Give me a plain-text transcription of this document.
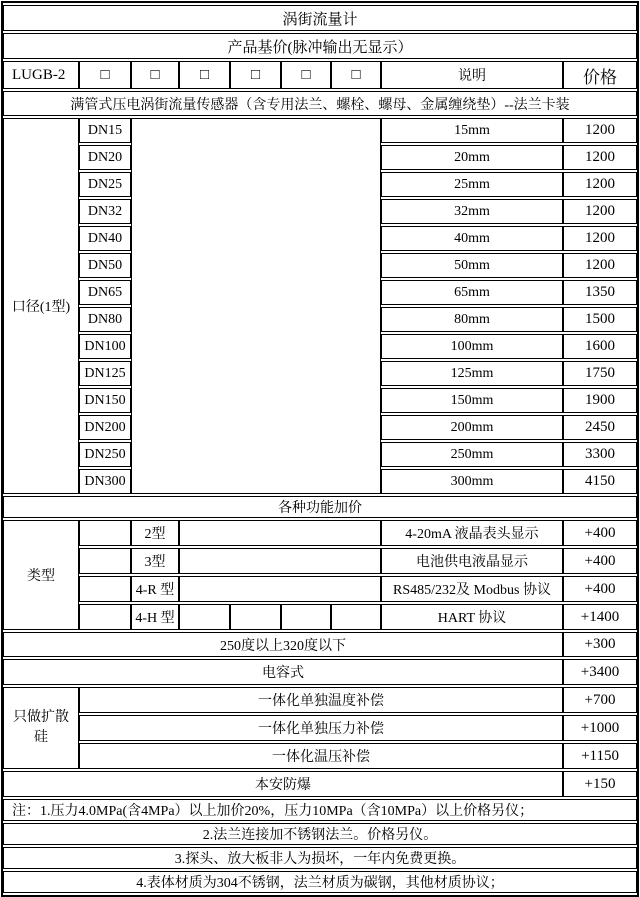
涡街流量计								
产品基价(脉冲输出无显示）								
LUGB-2	□	□	□	□	□	□	说明	价格
满管式压电涡街流量传感器（含专用法兰、螺栓、螺母、金属缠绕垫）--法兰卡装								
口径(1型)	DN15						15mm	1200
	DN20						20mm	1200
	DN25						25mm	1200
	DN32						32mm	1200
	DN40						40mm	1200
	DN50						50mm	1200
	DN65						65mm	1350
	DN80						80mm	1500
	DN100						100mm	1600
	DN125						125mm	1750
	DN150						150mm	1900
	DN200						200mm	2450
	DN250						250mm	3300
	DN300						300mm	4150
各种功能加价								
类型		2型					4-20mA 液晶表头显示	+400
		3型					电池供电液晶显示	+400
		4-R 型					RS485/232及 Modbus 协议	+400
		4-H 型					HART 协议	+1400
250度以上320度以下								+300
电容式								+3400
只做扩散硅	一体化单独温度补偿							+700
	一体化单独压力补偿							+1000
	一体化温压补偿							+1150
本安防爆								+150
注：1.压力4.0MPa(含4MPa）以上加价20%，压力10MPa（含10MPa）以上价格另仪；								
2.法兰连接加不锈钢法兰。价格另仪。								
3.探头、放大板非人为损坏，一年内免费更换。								
4.表体材质为304不锈钢，法兰材质为碳钢，其他材质协议；								
